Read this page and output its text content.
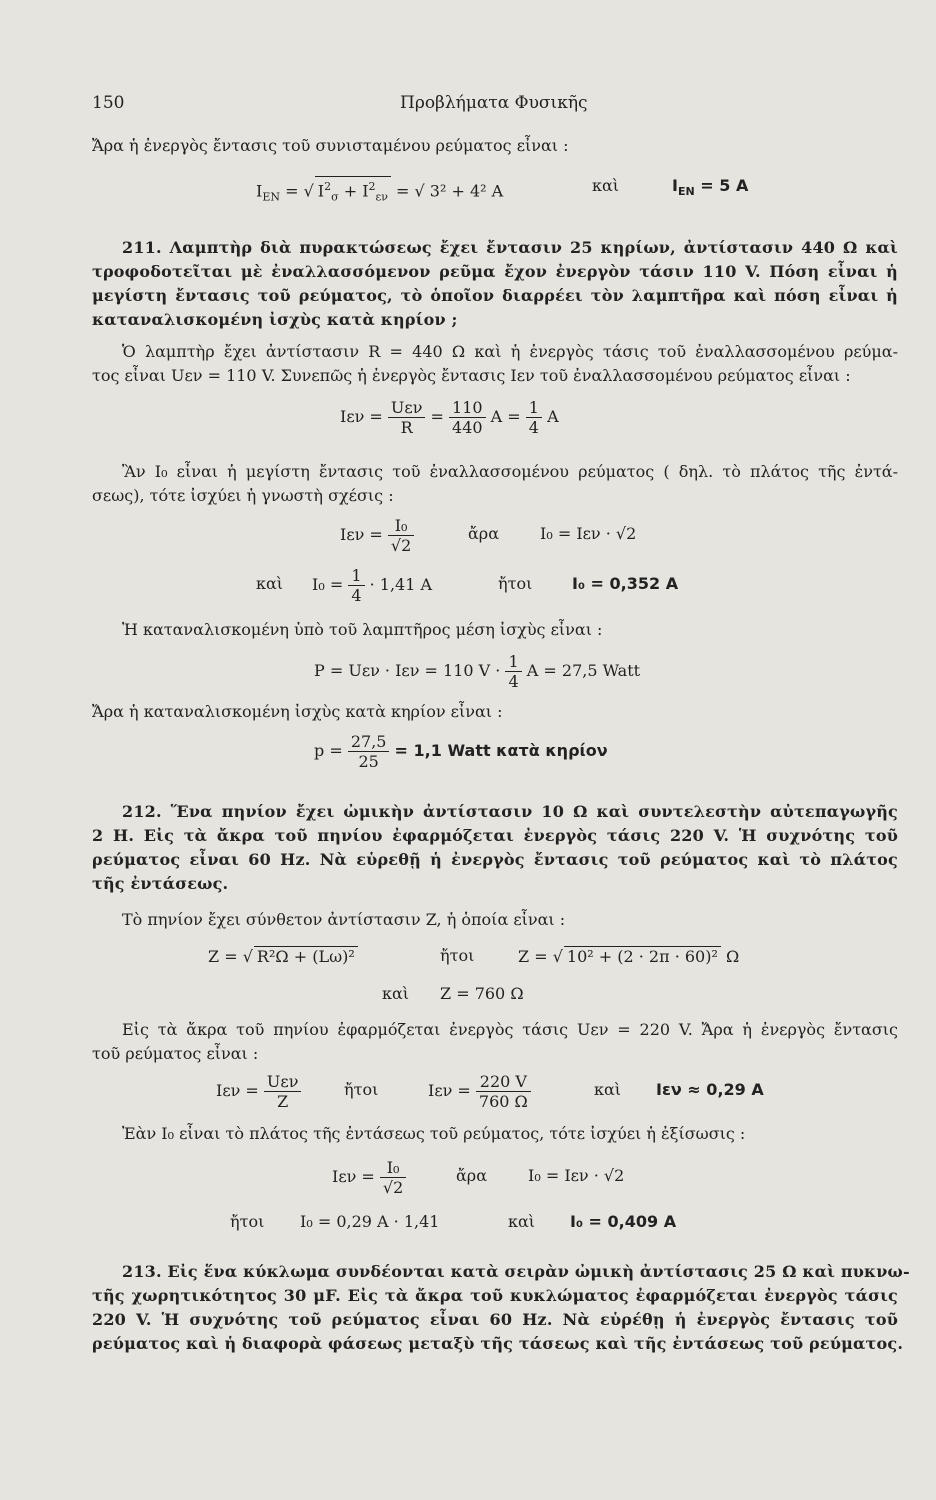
150	Προβλήματα Φυσικῆς
Ἄρα ἡ ἐνεργὸς ἔντασις τοῦ συνισταμένου ρεύματος εἶναι :
$I_{EN}$ = √ $I^2_\sigma + I^2_{\varepsilon\nu}$ = √ 3² + 4² A	καὶ	$I_{EN} = 5$ A
211. Λαμπτὴρ διὰ πυρακτώσεως ἔχει ἔντασιν 25 κηρίων, ἀντίστασιν 440 Ω καὶ
τροφοδοτεῖται μὲ ἐναλλασσόμενον ρεῦμα ἔχον ἐνεργὸν τάσιν 110 V. Πόση εἶναι ἡ
μεγίστη ἔντασις τοῦ ρεύματος, τὸ ὁποῖον διαρρέει τὸν λαμπτῆρα καὶ πόση εἶναι ἡ
καταναλισκομένη ἰσχὺς κατὰ κηρίον ;
Ὁ λαμπτὴρ ἔχει ἀντίστασιν R = 440 Ω καὶ ἡ ἐνεργὸς τάσις τοῦ ἐναλλασσομένου ρεύμα-
τος εἶναι Uεν = 110 V. Συνεπῶς ἡ ἐνεργὸς ἔντασις Iεν τοῦ ἐναλλασσομένου ρεύματος εἶναι :
$I\varepsilon\nu = \frac{\text{Uεν}}{R} = \frac{110}{440}$ $A = \frac{1}{4}$ A
Ἂν I₀ εἶναι ἡ μεγίστη ἔντασις τοῦ ἐναλλασσομένου ρεύματος ( δηλ. τὸ πλάτος τῆς ἐντά-
σεως), τότε ἰσχύει ἡ γνωστὴ σχέσις :
$I\varepsilon\nu = \frac{\text{I₀}}{√2}$	ἄρα	I₀ = Iεν · √2
καὶ $I_0 = \frac{1}{4} \cdot 1,41$ A	ἤτοι I₀ = 0,352 A
Ἡ καταναλισκομένη ὑπὸ τοῦ λαμπτῆρος μέση ἰσχὺς εἶναι :
P = Uεν · Iεν = 110 $V \cdot \frac{1}{4}$ A = 27,5 Watt
Ἄρα ἡ καταναλισκομένη ἰσχὺς κατὰ κηρίον εἶναι :
$p = \frac{27,5}{25} = 1,1$ Watt κατὰ κηρίον
212. Ἕνα πηνίον ἔχει ὠμικὴν ἀντίστασιν 10 Ω καὶ συντελεστὴν αὐτεπαγωγῆς
2 H. Εἰς τὰ ἄκρα τοῦ πηνίου ἐφαρμόζεται ἐνεργὸς τάσις 220 V. Ἡ συχνότης τοῦ
ρεύματος εἶναι 60 Hz. Νὰ εὑρεθῇ ἡ ἐνεργὸς ἔντασις τοῦ ρεύματος καὶ τὸ πλάτος
τῆς ἐντάσεως.
Τὸ πηνίον ἔχει σύνθετον ἀντίστασιν Z, ἡ ὁποία εἶναι :
Z = √ R²Ω + (Lω)²	ἤτοι	Z = √ 10² + (2 · 2π · 60)² Ω
καὶ Z = 760 Ω
Εἰς τὰ ἄκρα τοῦ πηνίου ἐφαρμόζεται ἐνεργὸς τάσις Uεν = 220 V. Ἄρα ἡ ἐνεργὸς ἔντασις
τοῦ ρεύματος εἶναι :
$I\varepsilon\nu = \frac{\text{Uεν}}{Z}$	ἤτοι	$I\varepsilon\nu = \frac{220 V}{760 \Omega}$	καὶ Iεν ≈ 0,29 A
Ἐὰν I₀ εἶναι τὸ πλάτος τῆς ἐντάσεως τοῦ ρεύματος, τότε ἰσχύει ἡ ἐξίσωσις :
$I\varepsilon\nu = \frac{\text{I₀}}{√2}$	ἄρα	I₀ = Iεν · √2
ἤτοι I₀ = 0,29 A · 1,41	καὶ I₀ = 0,409 A
213. Εἰς ἕνα κύκλωμα συνδέονται κατὰ σειρὰν ὠμικὴ ἀντίστασις 25 Ω καὶ πυκνω-
τῆς χωρητικότητος 30 μF. Εἰς τὰ ἄκρα τοῦ κυκλώματος ἐφαρμόζεται ἐνεργὸς τάσις
220 V. Ἡ συχνότης τοῦ ρεύματος εἶναι 60 Hz. Νὰ εὑρέθῃ ἡ ἐνεργὸς ἔντασις τοῦ
ρεύματος καὶ ἡ διαφορὰ φάσεως μεταξὺ τῆς τάσεως καὶ τῆς ἐντάσεως τοῦ ρεύματος.
